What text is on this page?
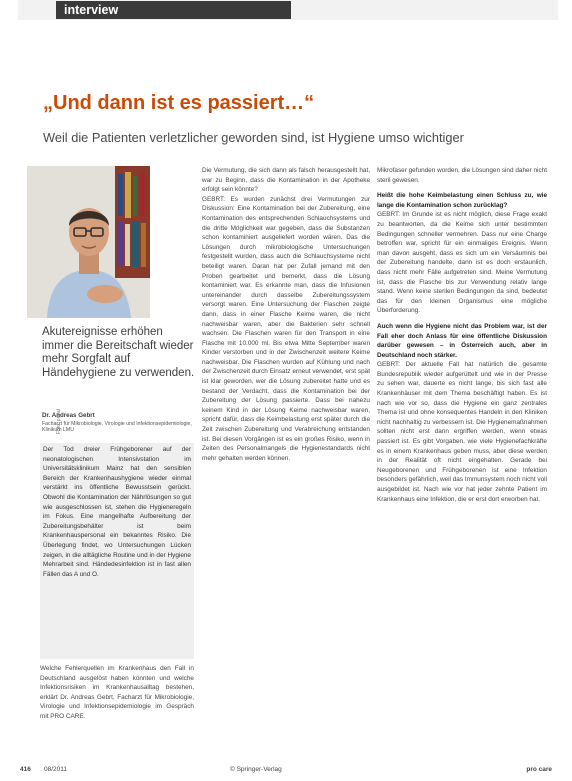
interview
„Und dann ist es passiert…“

Weil die Patienten verletzlicher geworden sind, ist Hygiene umso wichtiger

Foto: privat

Akutereignisse erhöhen immer die Bereitschaft wieder mehr Sorgfalt auf Händehygiene zu verwenden.

Dr. Andreas Gebrt

Facharzt für Mikrobiologie, Virologie und Infektionsepidemiologie, Klinikum LMU

Der Tod dreier Frühgeborener auf der neonatologischen Intensivstation im Universitätsklinikum Mainz hat den sensiblen Bereich der Krankenhaushygiene wieder einmal verstärkt ins öffentliche Bewusstsein gerückt. Obwohl die Kontamination der Nährlösungen so gut wie ausgeschlossen ist, stehen die Hygieneregeln im Fokus. Eine mangelhafte Aufbereitung der Zubereitungsbehälter ist beim Krankenhauspersonal ein bekanntes Risiko. Die Überlegung findet, wo Untersuchungen Lücken zeigen, in die alltägliche Routine und in der Hygiene Mehrarbeit sind. Händedesinfektion ist in fast allen Fällen das A und O.

Welche Fehlerquellen im Krankenhaus den Fall in Deutschland ausgelöst haben könnten und welche Infektionsrisiken im Krankenhausalltag bestehen, erklärt Dr. Andreas Gebrt, Facharzt für Mikrobiologie, Virologie und Infektionsepidemiologie im Gespräch mit PRO CARE.

Die Vermutung, die sich dann als falsch herausgestellt hat, war zu Beginn, dass die Kontamination in der Apotheke erfolgt sein könnte?
GEBRT: Es wurden zunächst drei Vermutungen zur Diskussion: Eine Kontamination bei der Zubereitung, eine Kontamination des entsprechenden Schlauchsystems und die dritte Möglichkeit war gegeben, dass die Substanzen schon kontaminiert ausgeliefert worden wären. Das die Lösungen durch mikrobiologische Untersuchungen festgestellt wurden, dass auch die Schlauchsysteme nicht beteiligt waren. Daran hat per Zufall jemand mit den Proben gearbeitet und bemerkt, dass die Lösung kontaminiert war. Es erkannte man, dass die Infusionen untereinander durch dasselbe Zubereitungssystem versorgt waren. Eine Untersuchung der Flaschen zeigte dann, dass in einer Flasche Keime waren, die nicht nachweisbar waren, aber die Bakterien sehr schnell wachsen. Die Flaschen waren für den Transport in eine Flasche mit 10.000 ml. Bis etwa Mitte September waren Kinder verstorben und in der Zwischenzeit weitere Keime nachweisbar. Die Flaschen wurden auf Kühlung und nach der Zwischenzeit durch Einsatz erneut verwendet, erst spät ist klar geworden, wer die Lösung zubereitet hatte und es bestand der Verdacht, dass die Kontamination bei der Zubereitung der Lösung passierte. Dass bei nahezu keinem Kind in der Lösung Keime nachweisbar waren, spricht dafür, dass die Keimbelastung erst später durch die Zeit zwischen Zubereitung und Verabreichung entstanden ist. Bei diesen Vorgängen ist es ein großes Risiko, wenn in Zeiten des Personalmangels die Hygienestandards nicht mehr gehalten werden können.

Mikrofaser gefunden worden, die Lösungen sind daher nicht steril gewesen.

Heißt die hohe Keimbelastung einen Schluss zu, wie lange die Kontamination schon zurücklag?

GEBRT: Im Grunde ist es nicht möglich, diese Frage exakt zu beantworten, da die Keime sich unter bestimmten Bedingungen schneller vermehren. Dass nur eine Charge betroffen war, spricht für ein einmaliges Ereignis. Wenn man davon ausgeht, dass es sich um ein Versäumnis bei der Zubereitung handelte, dann ist es doch erstaunlich, dass nicht mehr Fälle aufgetreten sind. Meine Vermutung ist, dass die Flasche bis zur Verwendung relativ lange stand. Wenn keine sterilen Bedingungen da sind, bedeutet das für den kleinen Organismus eine mögliche Überforderung.

Auch wenn die Hygiene nicht das Problem war, ist der Fall eher doch Anlass für eine öffentliche Diskussion darüber gewesen – in Österreich auch, aber in Deutschland noch stärker.

GEBRT: Der aktuelle Fall hat natürlich die gesamte Bundesrepublik wieder aufgerüttelt und wie in der Presse zu sehen war, dauerte es nicht lange, bis sich fast alle Krankenhäuser mit dem Thema beschäftigt haben. Es ist nach wie vor so, dass die Hygiene ein ganz zentrales Thema ist und ohne konsequentes Handeln in den Kliniken nicht nachhaltig zu verbessern ist. Die Hygienemaßnahmen sollten nicht erst dann ergriffen werden, wenn etwas passiert ist. Es gibt Vorgaben, wie viele Hygienefachkräfte es in einem Krankenhaus geben muss, aber diese werden in der Realität oft nicht eingehalten. Gerade bei Neugeborenen und Frühgeborenen ist eine Infektion besonders gefährlich, weil das Immunsystem noch nicht voll ausgebildet ist. Nach wie vor hat jeder zehnte Patient im Krankenhaus eine Infektion, die er erst dort erworben hat.

416 08/2011	© Springer-Verlag	pro care
